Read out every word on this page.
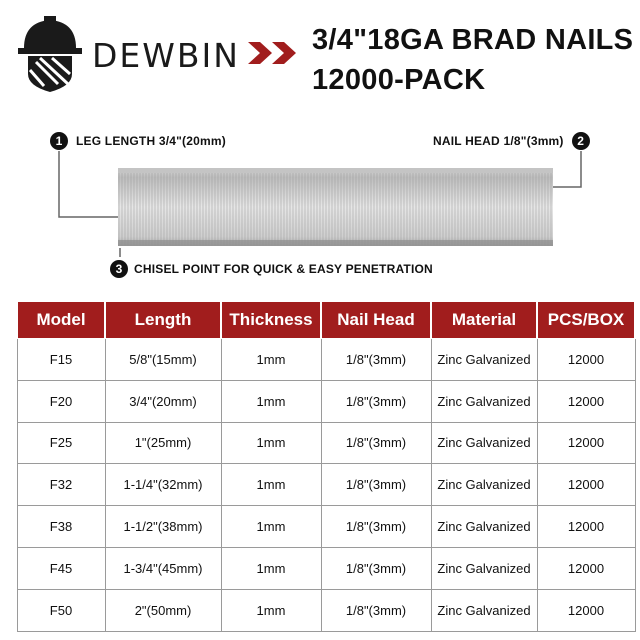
DEWBIN 3/4"18GA BRAD NAILS
12000-PACK
1	LEG LENGTH 3/4"(20mm)	NAIL HEAD 1/8"(3mm)	2
3 CHISEL POINT FOR QUICK & EASY PENETRATION
Model	Length	Thickness	Nail Head	Material	PCS/BOX
F15	5/8"(15mm)	1mm	1/8"(3mm)	Zinc Galvanized	12000
F20	3/4"(20mm)	1mm	1/8"(3mm)	Zinc Galvanized	12000
F25	1"(25mm)	1mm	1/8"(3mm)	Zinc Galvanized	12000
F32	1-1/4"(32mm)	1mm	1/8"(3mm)	Zinc Galvanized	12000
F38	1-1/2"(38mm)	1mm	1/8"(3mm)	Zinc Galvanized	12000
F45	1-3/4"(45mm)	1mm	1/8"(3mm)	Zinc Galvanized	12000
F50	2"(50mm)	1mm	1/8"(3mm)	Zinc Galvanized	12000
